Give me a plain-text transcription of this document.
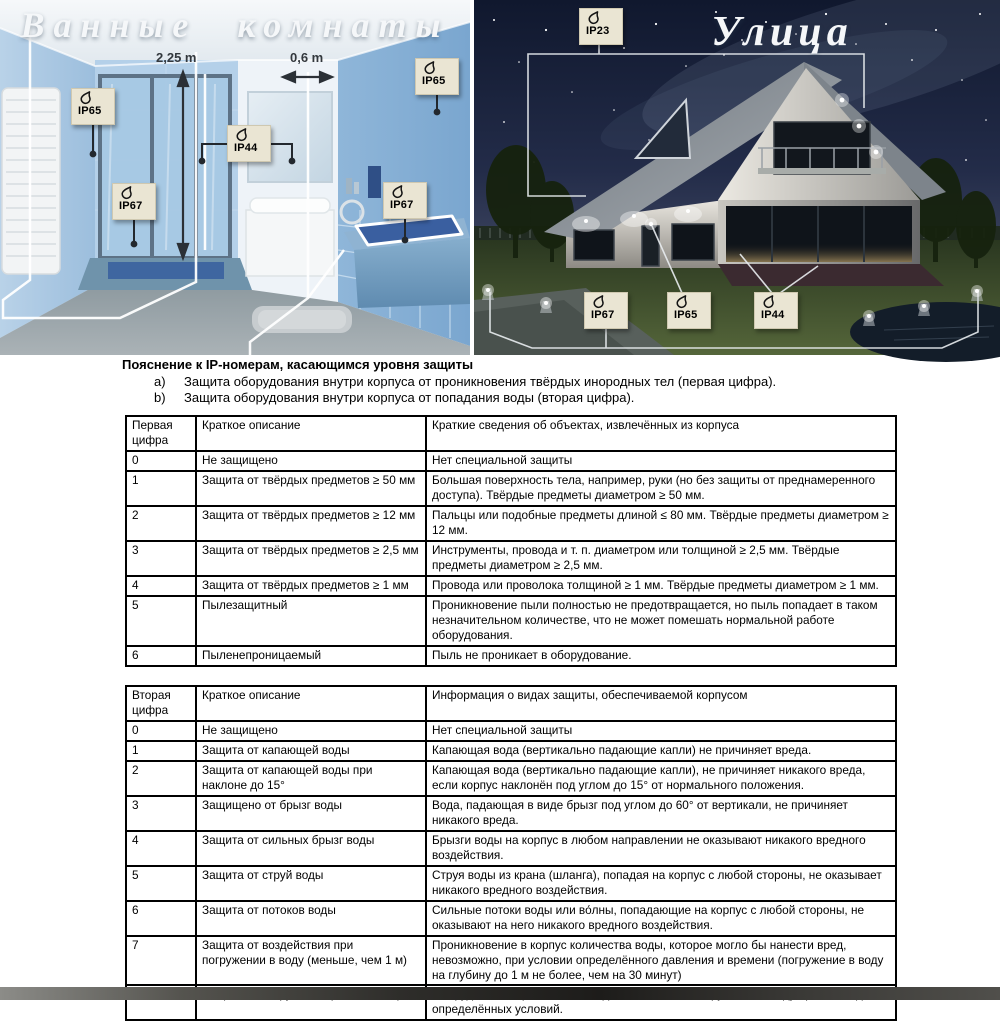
Ванные комнаты
2,25 m	0,6 m
IP65
IP67
IP44
IP67
IP65
Улица
IP23
IP67	IP65	IP44
Пояснение к IP-номерам, касающимся уровня защиты
a)	Защита оборудования внутри корпуса от проникновения твёрдых инородных тел (первая цифра).
b)	Защита оборудования внутри корпуса от попадания воды (вторая цифра).
Первая цифра	Краткое описание	Краткие сведения об объектах, извлечённых из корпуса
0	Не защищено	Нет специальной защиты
1	Защита от твёрдых предметов ≥ 50 мм	Большая поверхность тела, например, руки (но без защиты от преднамеренного доступа). Твёрдые предметы диаметром ≥ 50 мм.
2	Защита от твёрдых предметов ≥ 12 мм	Пальцы или подобные предметы длиной ≤ 80 мм. Твёрдые предметы диаметром ≥ 12 мм.
3	Защита от твёрдых предметов ≥ 2,5 мм	Инструменты, провода и т. п. диаметром или толщиной ≥ 2,5 мм. Твёрдые предметы диаметром ≥ 2,5 мм.
4	Защита от твёрдых предметов ≥ 1 мм	Провода или проволока толщиной ≥ 1 мм. Твёрдые предметы диаметром ≥ 1 мм.
5	Пылезащитный	Проникновение пыли полностью не предотвращается, но пыль попадает в таком незначительном количестве, что не может помешать нормальной работе оборудования.
6	Пыленепроницаемый	Пыль не проникает в оборудование.
Вторая цифра	Краткое описание	Информация о видах защиты, обеспечиваемой корпусом
0	Не защищено	Нет специальной защиты
1	Защита от капающей воды	Капающая вода (вертикально падающие капли) не причиняет вреда.
2	Защита от капающей воды при наклоне до 15°	Капающая вода (вертикально падающие капли), не причиняет никакого вреда, если корпус наклонён под углом до 15° от нормального положения.
3	Защищено от брызг воды	Вода, падающая в виде брызг под углом до 60° от вертикали, не причиняет никакого вреда.
4	Защита от сильных брызг воды	Брызги воды на корпус в любом направлении не оказывают никакого вредного воздействия.
5	Защита от струй воды	Струя воды из крана (шланга), попадая на корпус с любой стороны, не оказывает никакого вредного воздействия.
6	Защита от потоков воды	Сильные потоки воды или во́лны, попадающие на корпус с любой стороны, не оказывают на него никакого вредного воздействия.
7	Защита от воздействия при погружении в воду (меньше, чем 1 м)	Проникновение в корпус количества воды, которое могло бы нанести вред, невозможно, при условии определённого давления и времени (погружение в воду на глубину до 1 м не более, чем на 30 минут)
		определённых условий.
